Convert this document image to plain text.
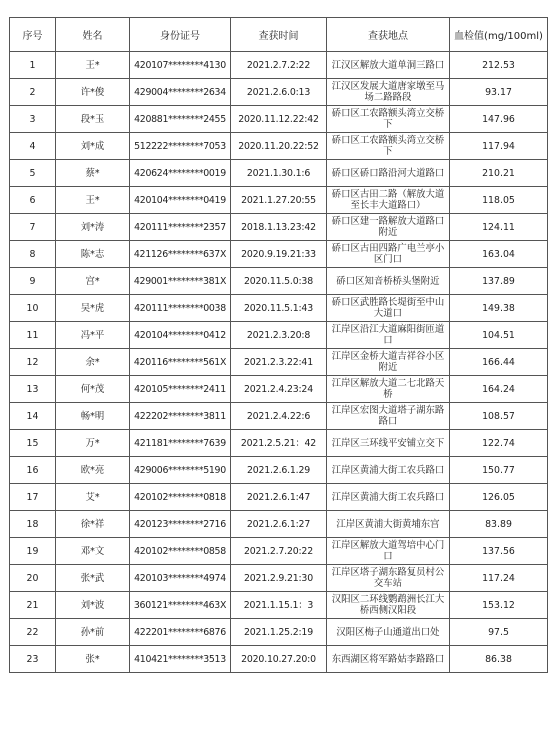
序号	姓名	身份证号	查获时间	查获地点	血检值(mg/100ml)
1	王*	420107********4130	2021.2.7.2:22	江汉区解放大道单洞三路口	212.53
2	许*俊	429004********2634	2021.2.6.0:13	江汉区发展大道唐家墩至马场二路路段	93.17
3	段*玉	420881********2455	2020.11.12.22:42	硚口区工农路额头湾立交桥下	147.96
4	刘*成	512222********7053	2020.11.20.22:52	硚口区工农路额头湾立交桥下	117.94
5	蔡*	420624********0019	2021.1.30.1:6	硚口区硚口路沿河大道路口	210.21
6	王*	420104********0419	2021.1.27.20:55	硚口区古田二路（解放大道至长丰大道路口）	118.05
7	刘*涛	420111********2357	2018.1.13.23:42	硚口区建一路解放大道路口附近	124.11
8	陈*志	421126********637X	2020.9.19.21:33	硚口区古田四路广电兰亭小区门口	163.04
9	宫*	429001********381X	2020.11.5.0:38	硚口区知音桥桥头堡附近	137.89
10	吴*虎	420111********0038	2020.11.5.1:43	硚口区武胜路长堤街至中山大道口	149.38
11	冯*平	420104********0412	2021.2.3.20:8	江岸区沿江大道麻阳街匝道口	104.51
12	余*	420116********561X	2021.2.3.22:41	江岸区金桥大道吉祥谷小区附近	166.44
13	何*茂	420105********2411	2021.2.4.23:24	江岸区解放大道二七北路天桥	164.24
14	畅*明	422202********3811	2021.2.4.22:6	江岸区宏图大道塔子湖东路路口	108.57
15	万*	421181********7639	2021.2.5.21：42	江岸区三环线平安铺立交下	122.74
16	欧*亮	429006********5190	2021.2.6.1.29	江岸区黄浦大街工农兵路口	150.77
17	艾*	420102********0818	2021.2.6.1:47	江岸区黄浦大街工农兵路口	126.05
18	徐*祥	420123********2716	2021.2.6.1:27	江岸区黄浦大街黄埔东宫	83.89
19	邓*文	420102********0858	2021.2.7.20:22	江岸区解放大道驾培中心门口	137.56
20	张*武	420103********4974	2021.2.9.21:30	江岸区塔子湖东路复员村公交车站	117.24
21	刘*波	360121********463X	2021.1.15.1：3	汉阳区二环线鹦鹉洲长江大桥西侧汉阳段	153.12
22	孙*前	422201********6876	2021.1.25.2:19	汉阳区梅子山通道出口处	97.5
23	张*	410421********3513	2020.10.27.20:0	东西湖区将军路姑李路路口	86.38
